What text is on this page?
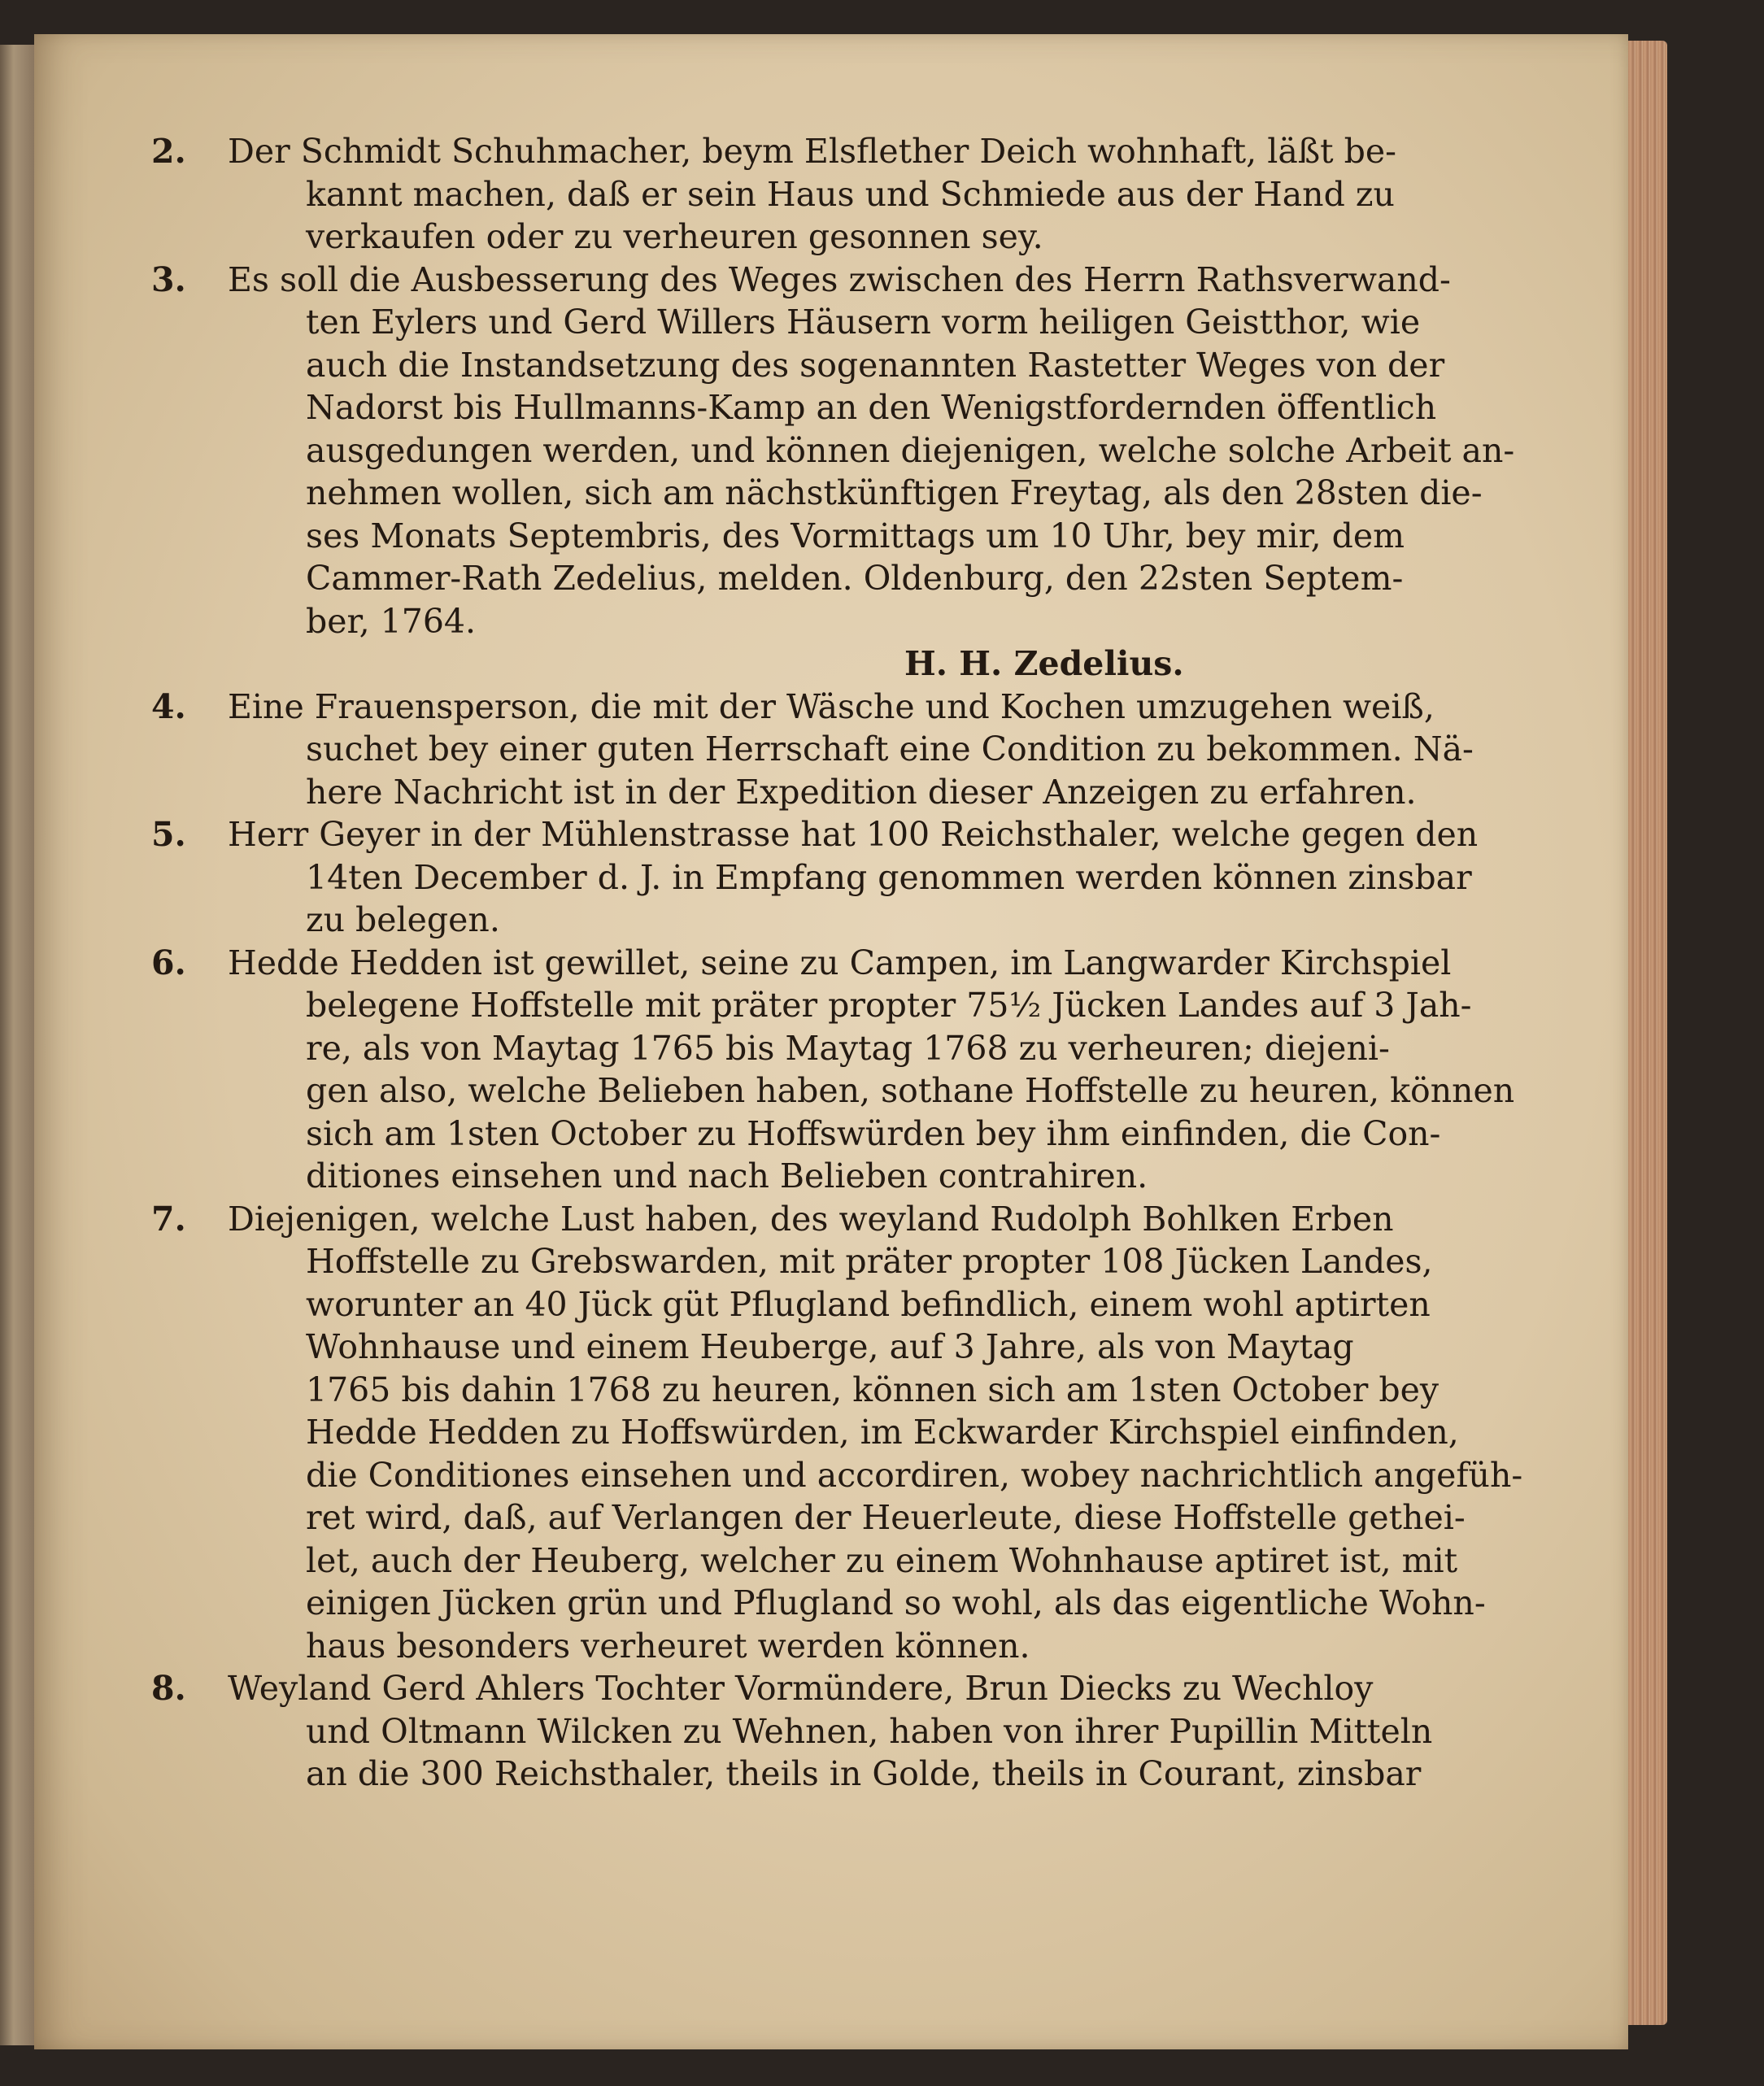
2.	Der Schmidt Schuhmacher, beym Elsflether Deich wohnhaft, läßt be-
kannt machen, daß er sein Haus und Schmiede aus der Hand zu
verkaufen oder zu verheuren gesonnen sey.
3.	Es soll die Ausbesserung des Weges zwischen des Herrn Rathsverwand-
ten Eylers und Gerd Willers Häusern vorm heiligen Geistthor, wie
auch die Instandsetzung des sogenannten Rastetter Weges von der
Nadorst bis Hullmanns-Kamp an den Wenigstfordernden öffentlich
ausgedungen werden, und können diejenigen, welche solche Arbeit an-
nehmen wollen, sich am nächstkünftigen Freytag, als den 28sten die-
ses Monats Septembris, des Vormittags um 10 Uhr, bey mir, dem
Cammer-Rath Zedelius, melden. Oldenburg, den 22sten Septem-
ber, 1764.
H. H. Zedelius.
4.	Eine Frauensperson, die mit der Wäsche und Kochen umzugehen weiß,
suchet bey einer guten Herrschaft eine Condition zu bekommen. Nä-
here Nachricht ist in der Expedition dieser Anzeigen zu erfahren.
5.	Herr Geyer in der Mühlenstrasse hat 100 Reichsthaler, welche gegen den
14ten December d. J. in Empfang genommen werden können zinsbar
zu belegen.
6.	Hedde Hedden ist gewillet, seine zu Campen, im Langwarder Kirchspiel
belegene Hoffstelle mit präter propter 75½ Jücken Landes auf 3 Jah-
re, als von Maytag 1765 bis Maytag 1768 zu verheuren; diejeni-
gen also, welche Belieben haben, sothane Hoffstelle zu heuren, können
sich am 1sten October zu Hoffswürden bey ihm einfinden, die Con-
ditiones einsehen und nach Belieben contrahiren.
7.	Diejenigen, welche Lust haben, des weyland Rudolph Bohlken Erben
Hoffstelle zu Grebswarden, mit präter propter 108 Jücken Landes,
worunter an 40 Jück güt Pflugland befindlich, einem wohl aptirten
Wohnhause und einem Heuberge, auf 3 Jahre, als von Maytag
1765 bis dahin 1768 zu heuren, können sich am 1sten October bey
Hedde Hedden zu Hoffswürden, im Eckwarder Kirchspiel einfinden,
die Conditiones einsehen und accordiren, wobey nachrichtlich angefüh-
ret wird, daß, auf Verlangen der Heuerleute, diese Hoffstelle gethei-
let, auch der Heuberg, welcher zu einem Wohnhause aptiret ist, mit
einigen Jücken grün und Pflugland so wohl, als das eigentliche Wohn-
haus besonders verheuret werden können.
8.	Weyland Gerd Ahlers Tochter Vormündere, Brun Diecks zu Wechloy
und Oltmann Wilcken zu Wehnen, haben von ihrer Pupillin Mitteln
an die 300 Reichsthaler, theils in Golde, theils in Courant, zinsbar
